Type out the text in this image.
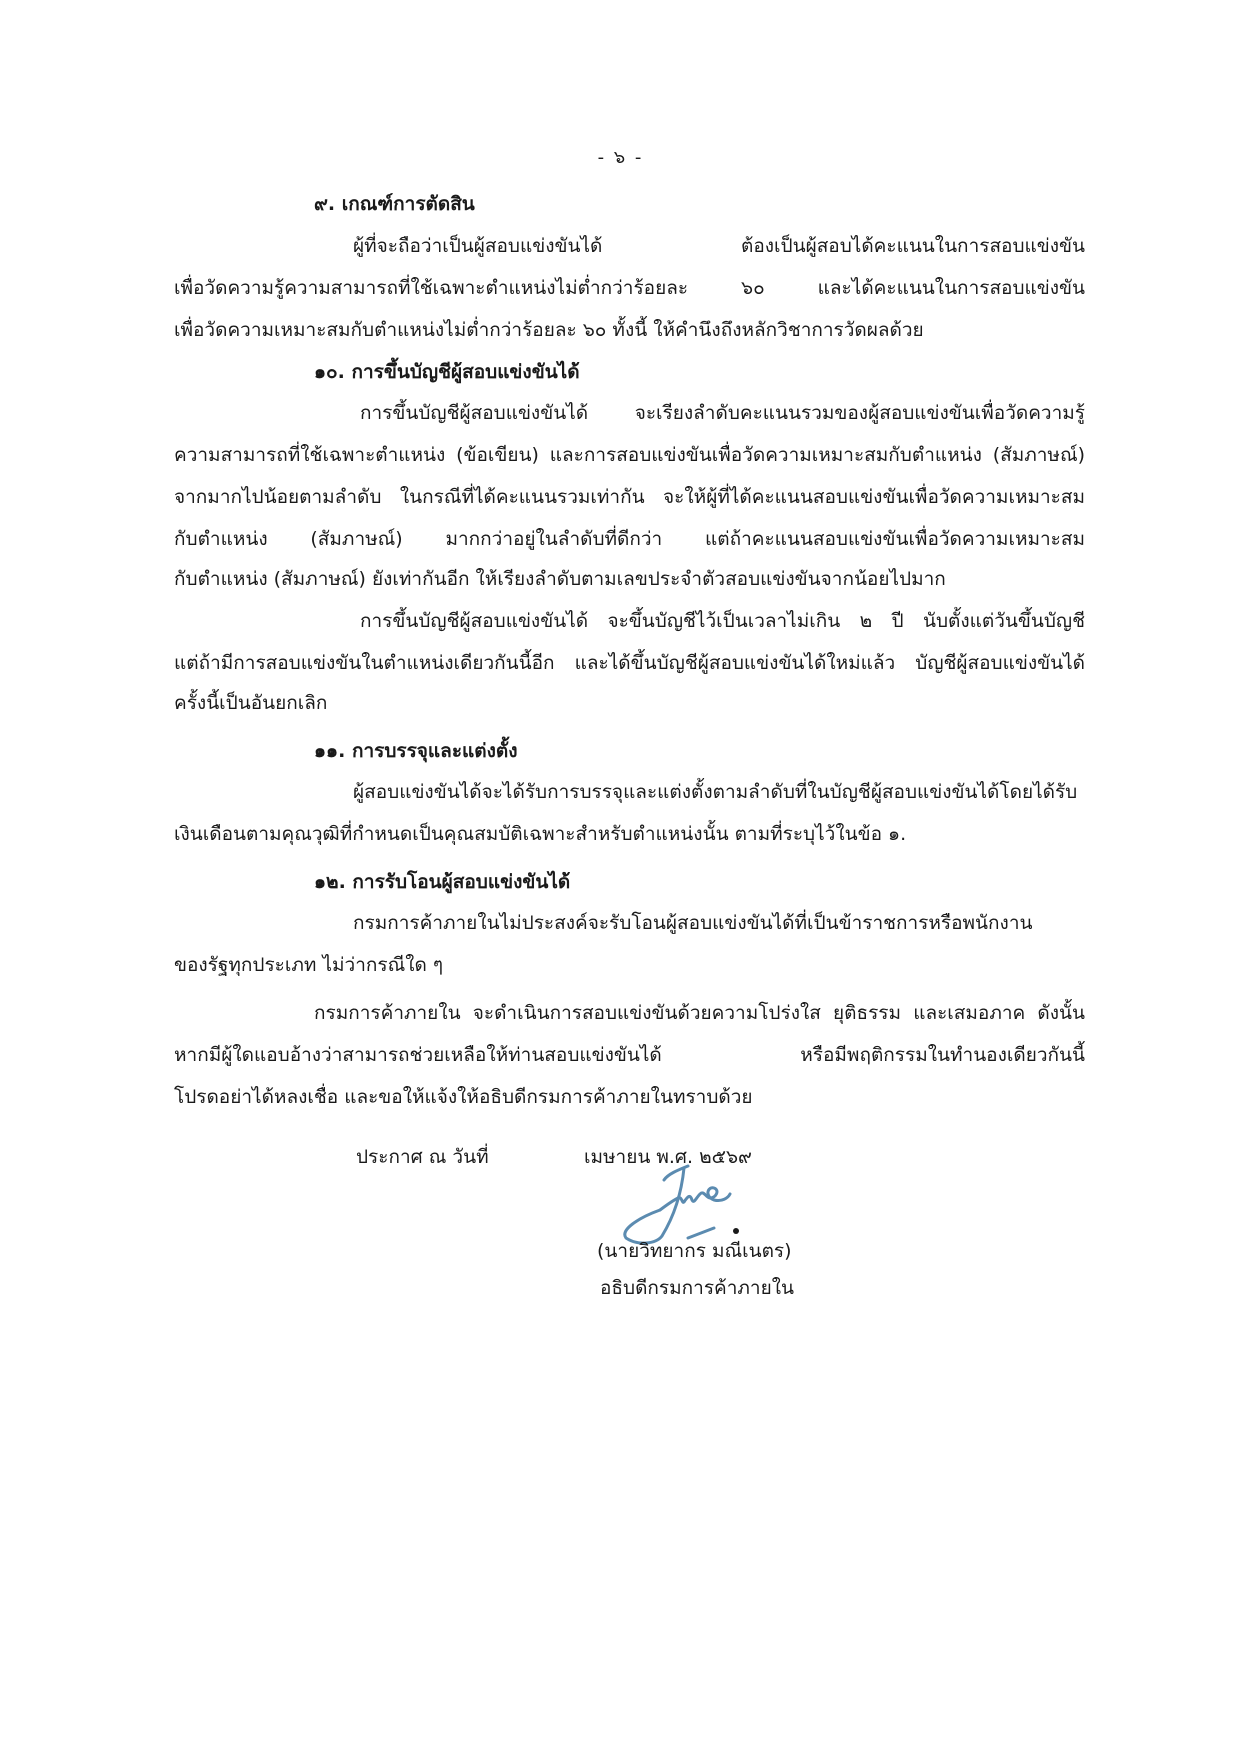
- ๖ -
๙. เกณฑ์การตัดสิน
ผู้ที่จะถือว่าเป็นผู้สอบแข่งขันได้ ต้องเป็นผู้สอบได้คะแนนในการสอบแข่งขัน
เพื่อวัดความรู้ความสามารถที่ใช้เฉพาะตำแหน่งไม่ต่ำกว่าร้อยละ ๖๐ และได้คะแนนในการสอบแข่งขัน
เพื่อวัดความเหมาะสมกับตำแหน่งไม่ต่ำกว่าร้อยละ ๖๐ ทั้งนี้ ให้คำนึงถึงหลักวิชาการวัดผลด้วย
๑๐. การขึ้นบัญชีผู้สอบแข่งขันได้
การขึ้นบัญชีผู้สอบแข่งขันได้ จะเรียงลำดับคะแนนรวมของผู้สอบแข่งขันเพื่อวัดความรู้
ความสามารถที่ใช้เฉพาะตำแหน่ง (ข้อเขียน) และการสอบแข่งขันเพื่อวัดความเหมาะสมกับตำแหน่ง (สัมภาษณ์)
จากมากไปน้อยตามลำดับ ในกรณีที่ได้คะแนนรวมเท่ากัน จะให้ผู้ที่ได้คะแนนสอบแข่งขันเพื่อวัดความเหมาะสม
กับตำแหน่ง (สัมภาษณ์) มากกว่าอยู่ในลำดับที่ดีกว่า แต่ถ้าคะแนนสอบแข่งขันเพื่อวัดความเหมาะสม
กับตำแหน่ง (สัมภาษณ์) ยังเท่ากันอีก ให้เรียงลำดับตามเลขประจำตัวสอบแข่งขันจากน้อยไปมาก
การขึ้นบัญชีผู้สอบแข่งขันได้ จะขึ้นบัญชีไว้เป็นเวลาไม่เกิน ๒ ปี นับตั้งแต่วันขึ้นบัญชี
แต่ถ้ามีการสอบแข่งขันในตำแหน่งเดียวกันนี้อีก และได้ขึ้นบัญชีผู้สอบแข่งขันได้ใหม่แล้ว บัญชีผู้สอบแข่งขันได้
ครั้งนี้เป็นอันยกเลิก
๑๑. การบรรจุและแต่งตั้ง
ผู้สอบแข่งขันได้จะได้รับการบรรจุและแต่งตั้งตามลำดับที่ในบัญชีผู้สอบแข่งขันได้โดยได้รับ
เงินเดือนตามคุณวุฒิที่กำหนดเป็นคุณสมบัติเฉพาะสำหรับตำแหน่งนั้น ตามที่ระบุไว้ในข้อ ๑.
๑๒. การรับโอนผู้สอบแข่งขันได้
กรมการค้าภายในไม่ประสงค์จะรับโอนผู้สอบแข่งขันได้ที่เป็นข้าราชการหรือพนักงาน
ของรัฐทุกประเภท ไม่ว่ากรณีใด ๆ
กรมการค้าภายใน จะดำเนินการสอบแข่งขันด้วยความโปร่งใส ยุติธรรม และเสมอภาค ดังนั้น
หากมีผู้ใดแอบอ้างว่าสามารถช่วยเหลือให้ท่านสอบแข่งขันได้ หรือมีพฤติกรรมในทำนองเดียวกันนี้
โปรดอย่าได้หลงเชื่อ และขอให้แจ้งให้อธิบดีกรมการค้าภายในทราบด้วย
ประกาศ ณ วันที่	เมษายน พ.ศ. ๒๕๖๙
(นายวิทยากร มณีเนตร)
อธิบดีกรมการค้าภายใน
